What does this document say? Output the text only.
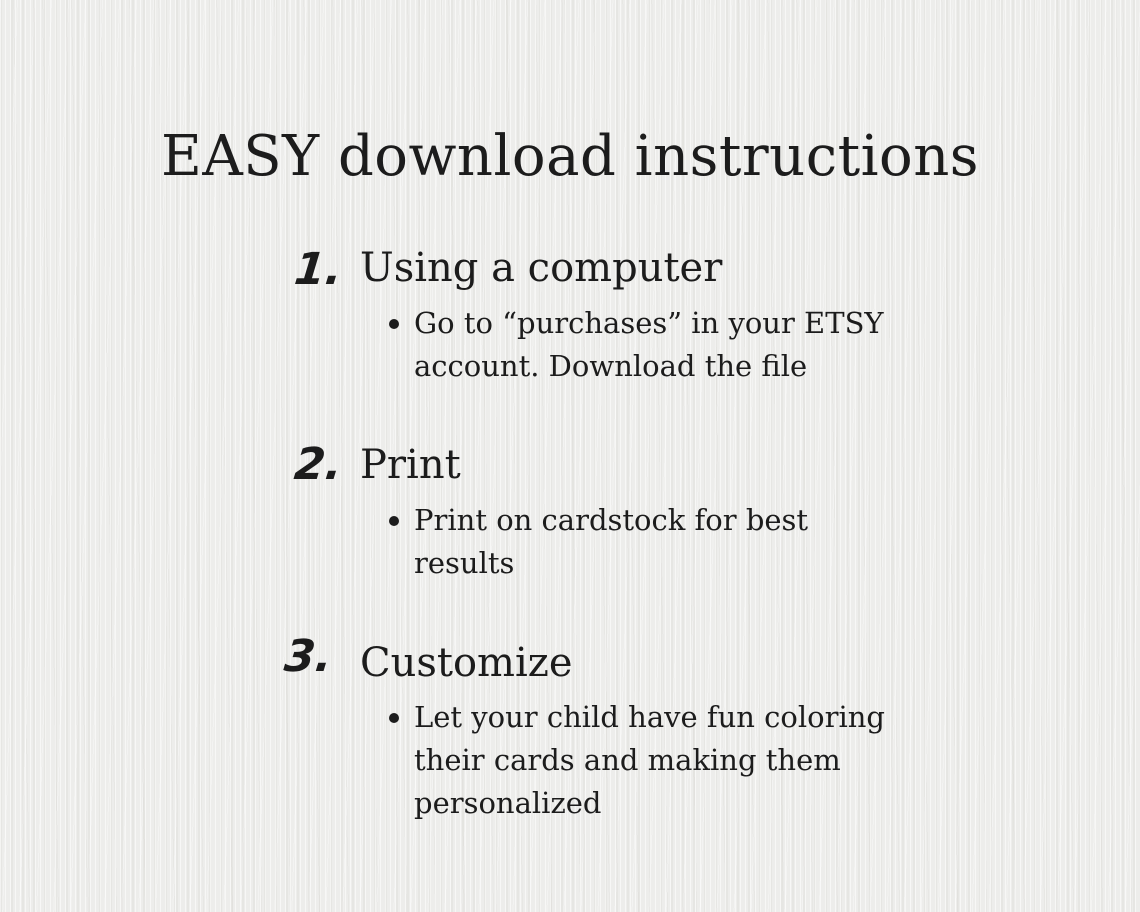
EASY download instructions
1. Using a computer
Go to “purchases” in your ETSY
account. Download the file
2. Print
Print on cardstock for best
results
3. Customize
Let your child have fun coloring
their cards and making them
personalized
